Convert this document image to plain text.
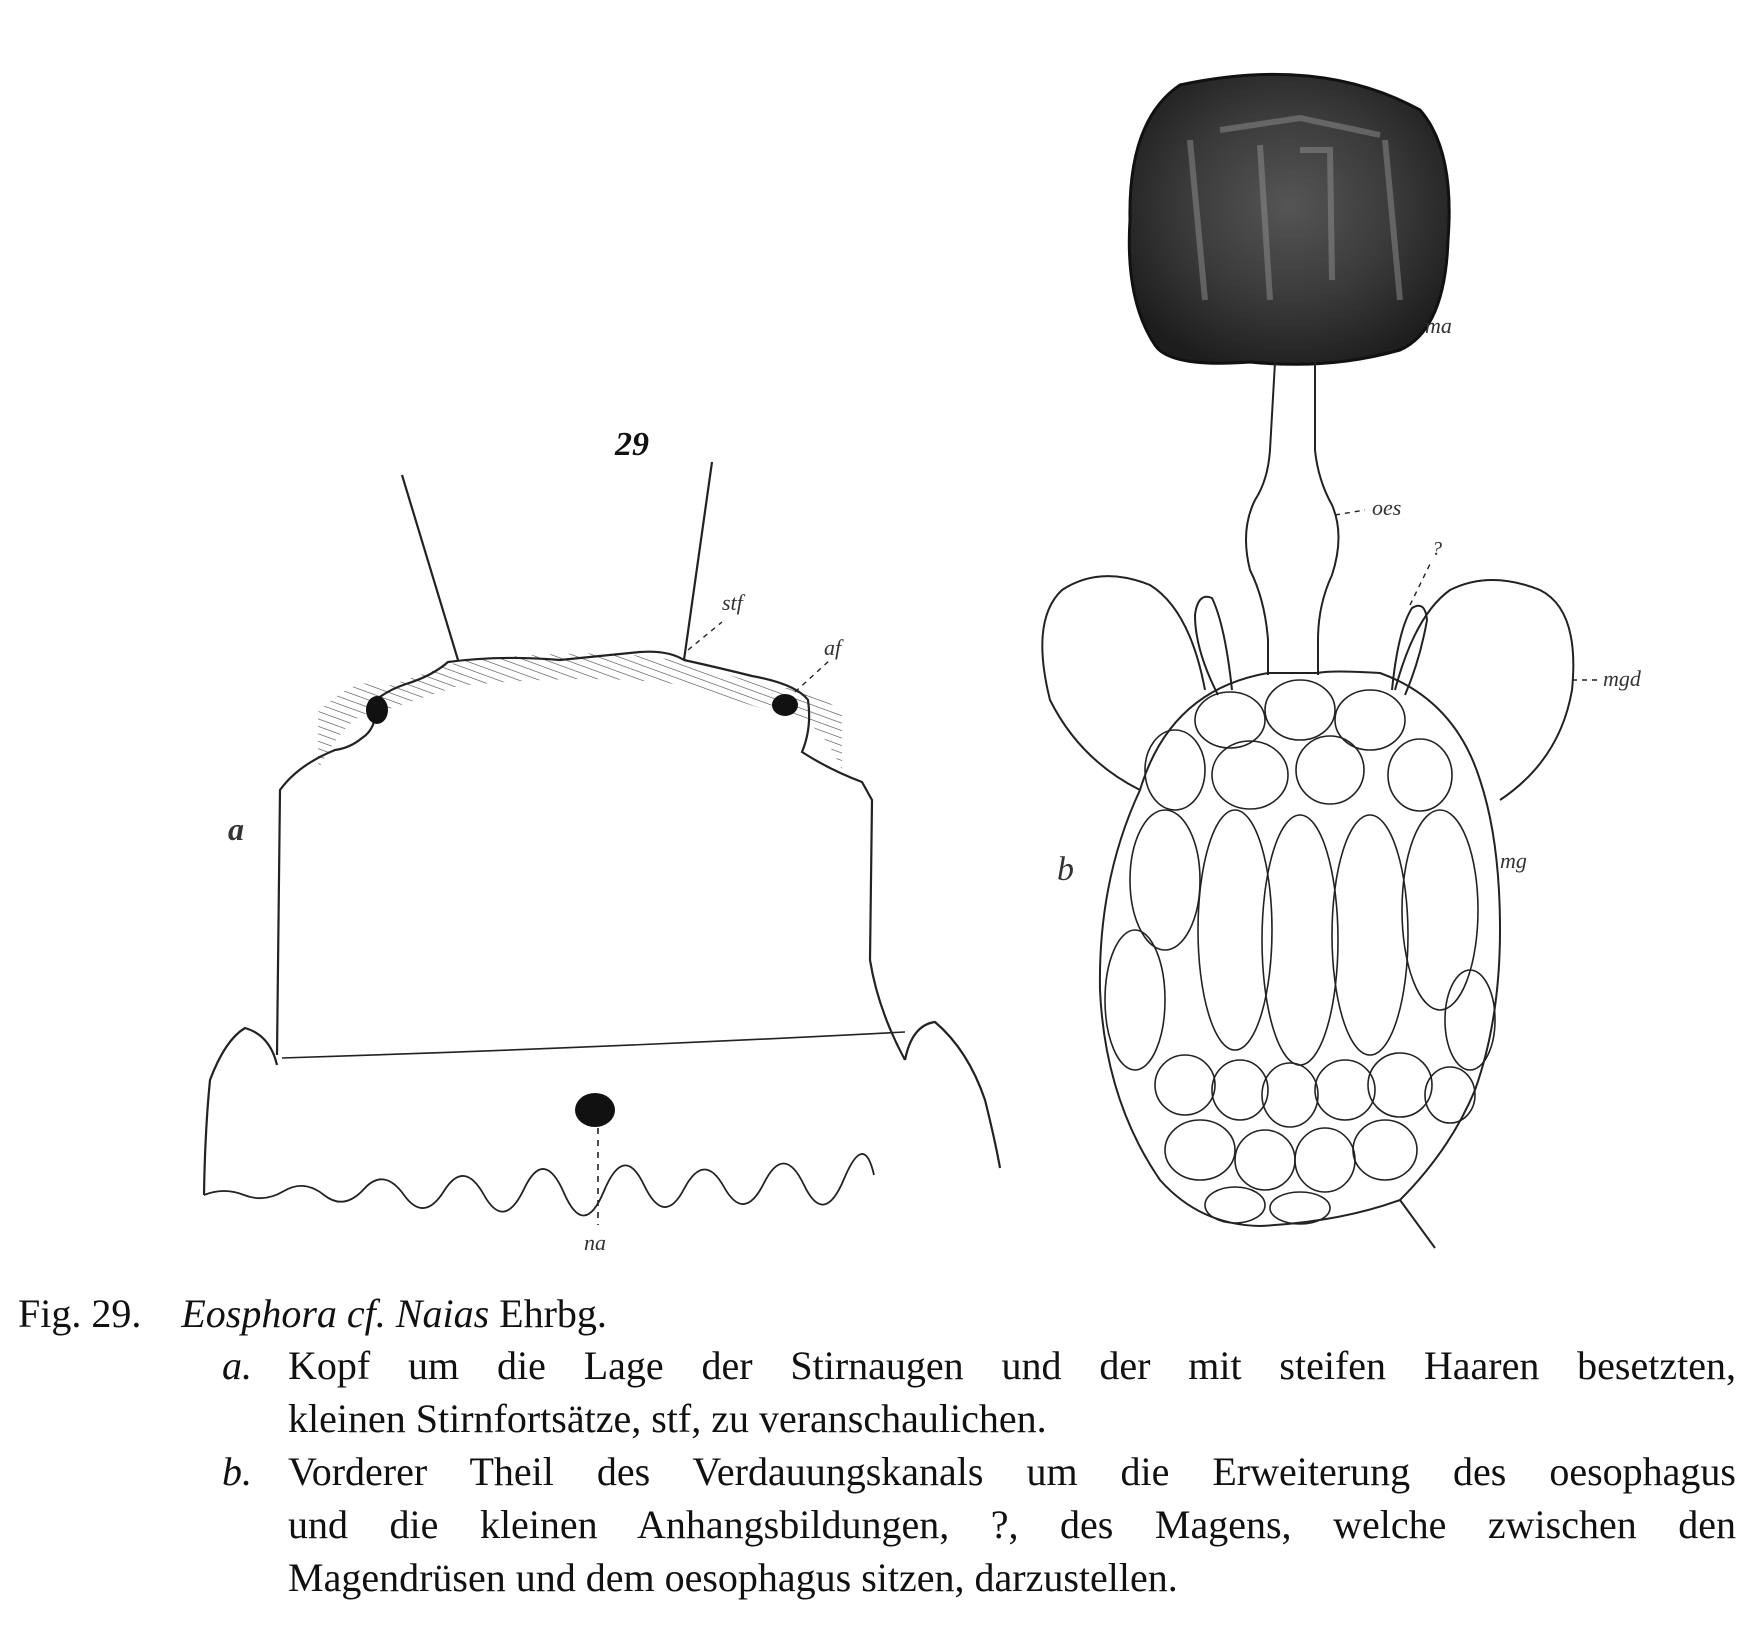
29
a
stf
af
na
ma
oes
?
mgd
mg
b
Fig. 29. Eosphora cf. Naias Ehrbg.
a. Kopf um die Lage der Stirnaugen und der mit steifen Haaren besetzten,
kleinen Stirnfortsätze, stf, zu veranschaulichen.
b. Vorderer Theil des Verdauungskanals um die Erweiterung des oesophagus
und die kleinen Anhangsbildungen, ?, des Magens, welche zwischen den
Magendrüsen und dem oesophagus sitzen, darzustellen.
